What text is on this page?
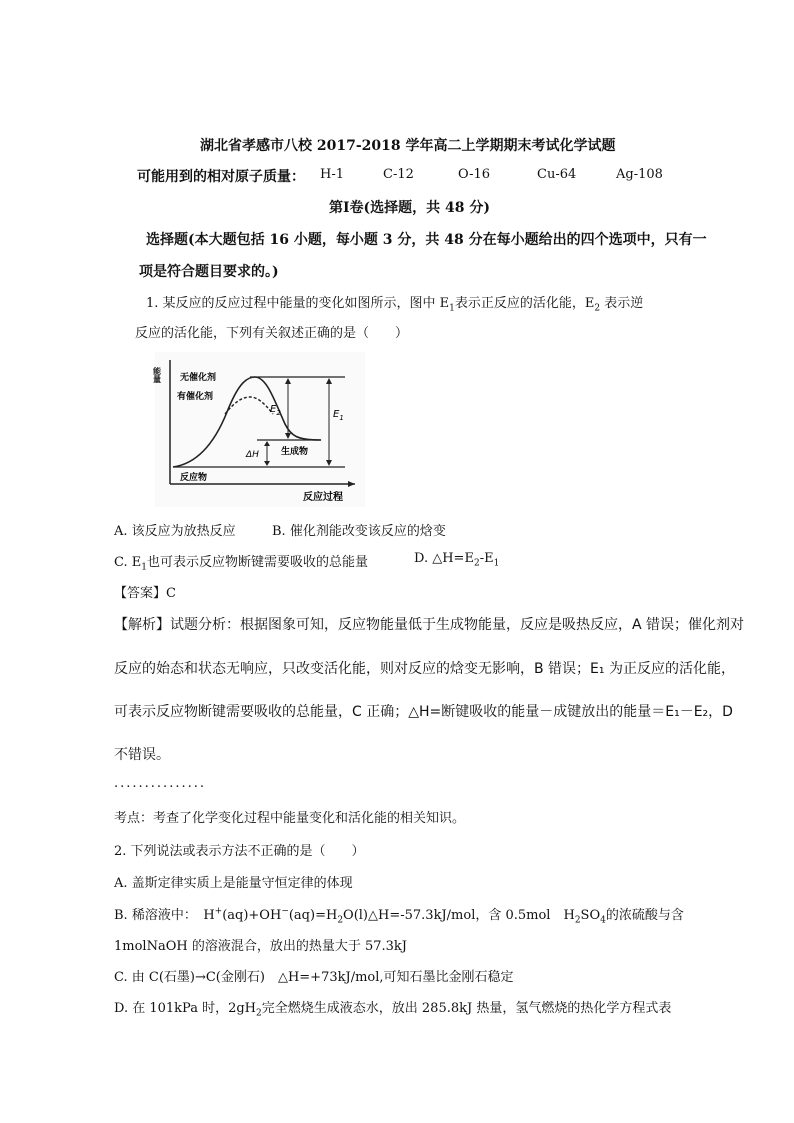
湖北省孝感市八校 2017-2018 学年高二上学期期末考试化学试题
可能用到的相对原子质量： H-1	C-12	O-16	Cu-64	Ag-108
第Ⅰ卷(选择题，共 48 分)
选择题(本大题包括 16 小题，每小题 3 分，共 48 分在每小题给出的四个选项中，只有一
项是符合题目要求的。)
1. 某反应的反应过程中能量的变化如图所示，图中 $E_1$表示正反应的活化能，$E_2$ 表示逆
反应的活化能，下列有关叙述正确的是（　　）
能量
反应过程
$E_2$	$E_1$
ΔH
无催化剂
有催化剂
生成物
反应物
A. 该反应为放热反应	B. 催化剂能改变该反应的焓变
C. $E_1$也可表示反应物断键需要吸收的总能量	D. $\triangle H=E_2-E_1$
【答案】C
【解析】试题分析：根据图象可知，反应物能量低于生成物能量，反应是吸热反应，A 错误；催化剂对
反应的始态和状态无响应，只改变活化能，则对反应的焓变无影响，B 错误；E₁ 为正反应的活化能，
可表示反应物断键需要吸收的总能量，C 正确；△H=断键吸收的能量－成键放出的能量＝E₁－E₂，D
不错误。
...............
考点：考查了化学变化过程中能量变化和活化能的相关知识。
2. 下列说法或表示方法不正确的是（　　）
A. 盖斯定律实质上是能量守恒定律的体现
B. 稀溶液中：　$H^+(aq)+OH^-(aq)=H_2O(l)\triangle H=-57.3kJ$/mol，含 0.5mol　$H_2SO_4$的浓硫酸与含
1molNaOH 的溶液混合，放出的热量大于 57.3kJ
C. 由 C(石墨)→C(金刚石)　△H=+73kJ/mol,可知石墨比金刚石稳定
D. 在 101kPa 时，$2gH_2$完全燃烧生成液态水，放出 285.8kJ 热量，氢气燃烧的热化学方程式表
